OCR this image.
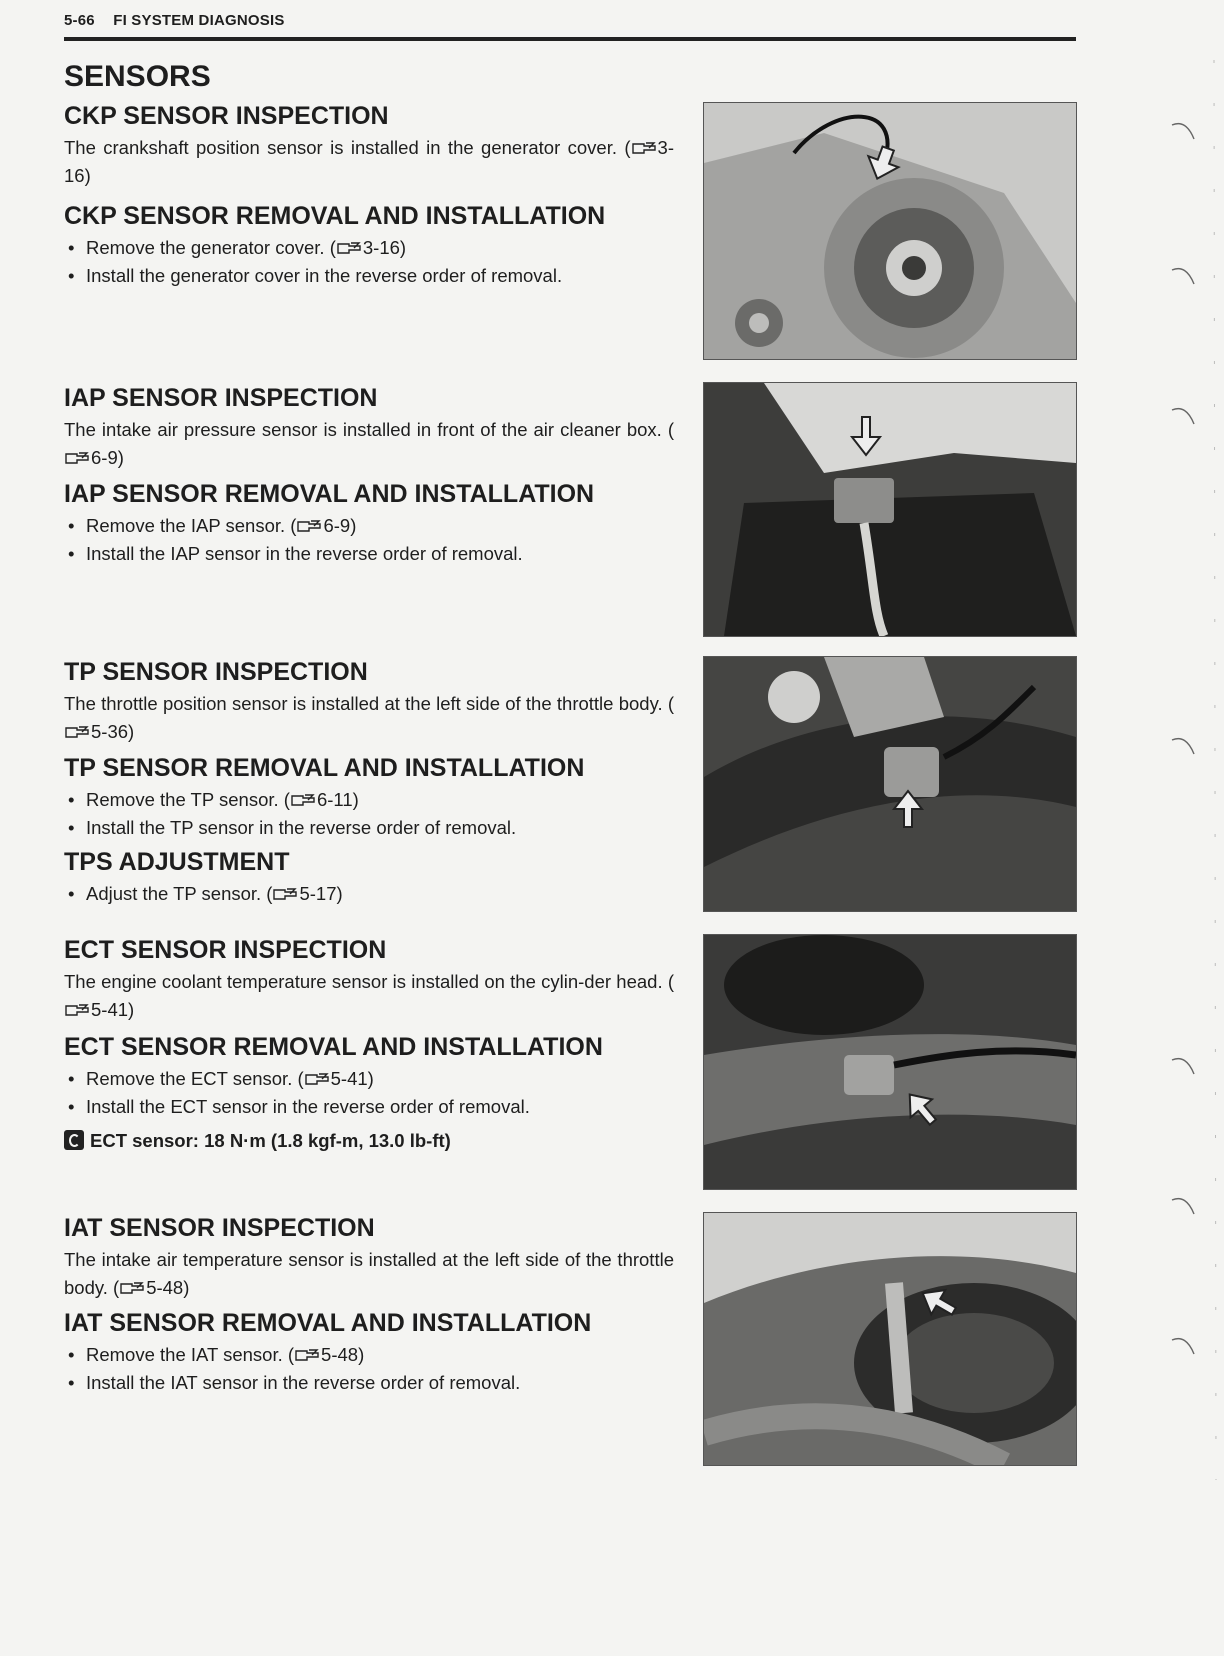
5-66 FI SYSTEM DIAGNOSIS
SENSORS
CKP SENSOR INSPECTION

The crankshaft position sensor is installed in the generator cover. ( 3-16)

CKP SENSOR REMOVAL AND INSTALLATION
• Remove the generator cover. ( 3-16)
• Install the generator cover in the reverse order of removal.
IAP SENSOR INSPECTION

The intake air pressure sensor is installed in front of the air cleaner box. (6-9)

IAP SENSOR REMOVAL AND INSTALLATION
• Remove the IAP sensor. ( 6-9)
• Install the IAP sensor in the reverse order of removal.
TP SENSOR INSPECTION

The throttle position sensor is installed at the left side of the throttle body. (5-36)

TP SENSOR REMOVAL AND INSTALLATION
• Remove the TP sensor. ( 6-11)
• Install the TP sensor in the reverse order of removal.
TPS ADJUSTMENT
• Adjust the TP sensor. ( 5-17)
ECT SENSOR INSPECTION

The engine coolant temperature sensor is installed on the cylin-der head. (5-41)

ECT SENSOR REMOVAL AND INSTALLATION
• Remove the ECT sensor. ( 5-41)
• Install the ECT sensor in the reverse order of removal.
ECT sensor: 18 N·m (1.8 kgf-m, 13.0 lb-ft)
IAT SENSOR INSPECTION

The intake air temperature sensor is installed at the left side of the throttle body. ( 5-48)

IAT SENSOR REMOVAL AND INSTALLATION
• Remove the IAT sensor. ( 5-48)
• Install the IAT sensor in the reverse order of removal.
